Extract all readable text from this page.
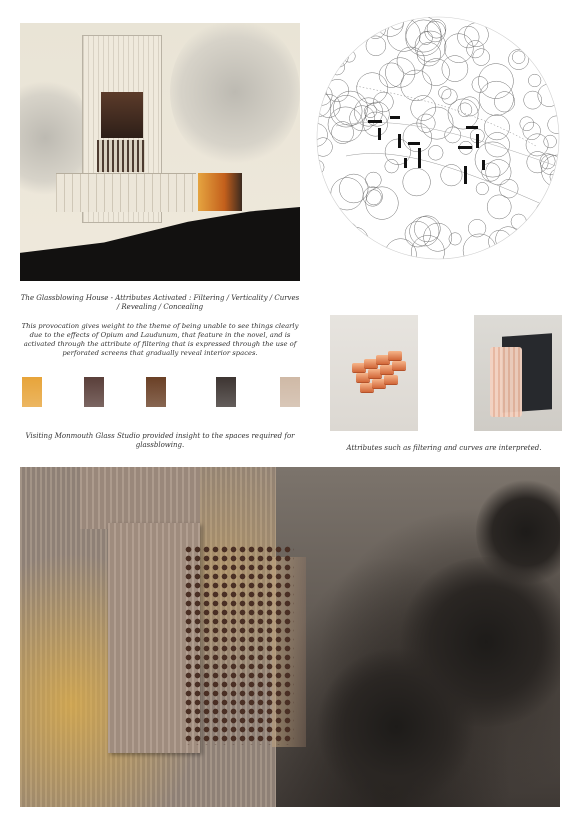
The Glassblowing House - Attributes Activated : Filtering / Verticality / Curves / Revealing / Concealing

This provocation gives weight to the theme of being unable to see things clearly due to the effects of Opium and Laudunum, that feature in the novel, and is activated through the attribute of filtering that is expressed through the use of perforated screens that gradually reveal interior spaces.

Visiting Monmouth Glass Studio provided insight to the spaces required for glassblowing.	Attributes such as filtering and curves are interpreted.
